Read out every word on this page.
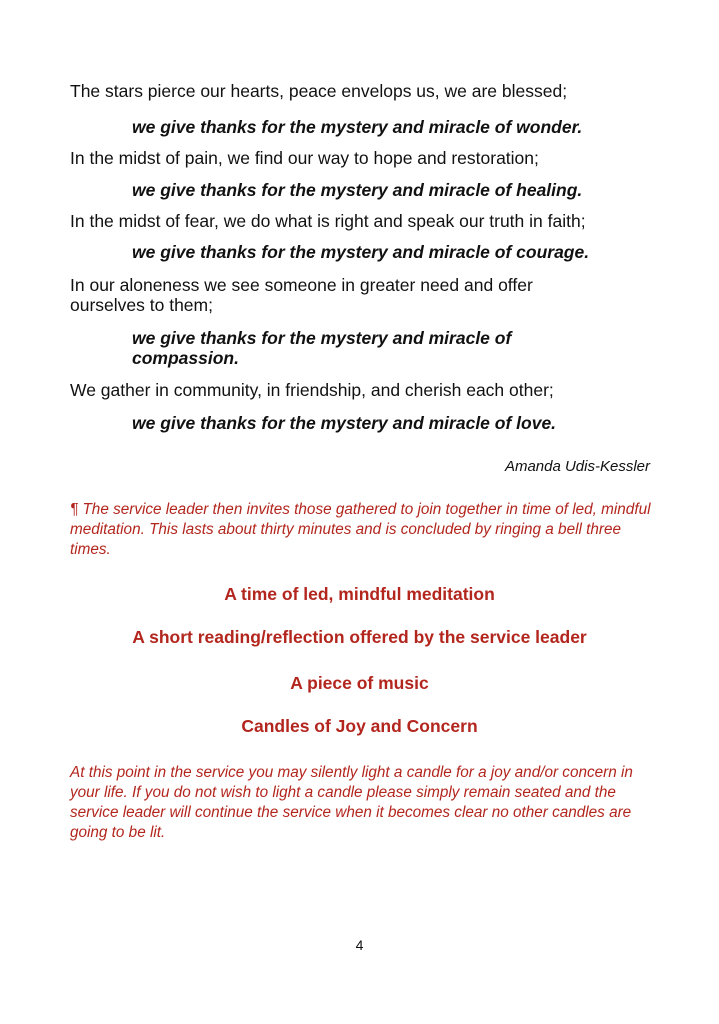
The stars pierce our hearts, peace envelops us, we are blessed;
we give thanks for the mystery and miracle of wonder.
In the midst of pain, we find our way to hope and restoration;
we give thanks for the mystery and miracle of healing.
In the midst of fear, we do what is right and speak our truth in faith;
we give thanks for the mystery and miracle of courage.
In our aloneness we see someone in greater need and offer
ourselves to them;
we give thanks for the mystery and miracle of
compassion.
We gather in community, in friendship, and cherish each other;
we give thanks for the mystery and miracle of love.
Amanda Udis-Kessler
¶ The service leader then invites those gathered to join together in time of led, mindful meditation. This lasts about thirty minutes and is concluded by ringing a bell three times.
A time of led, mindful meditation
A short reading/reflection offered by the service leader
A piece of music
Candles of Joy and Concern
At this point in the service you may silently light a candle for a joy and/or concern in your life. If you do not wish to light a candle please simply remain seated and the service leader will continue the service when it becomes clear no other candles are going to be lit.
4
